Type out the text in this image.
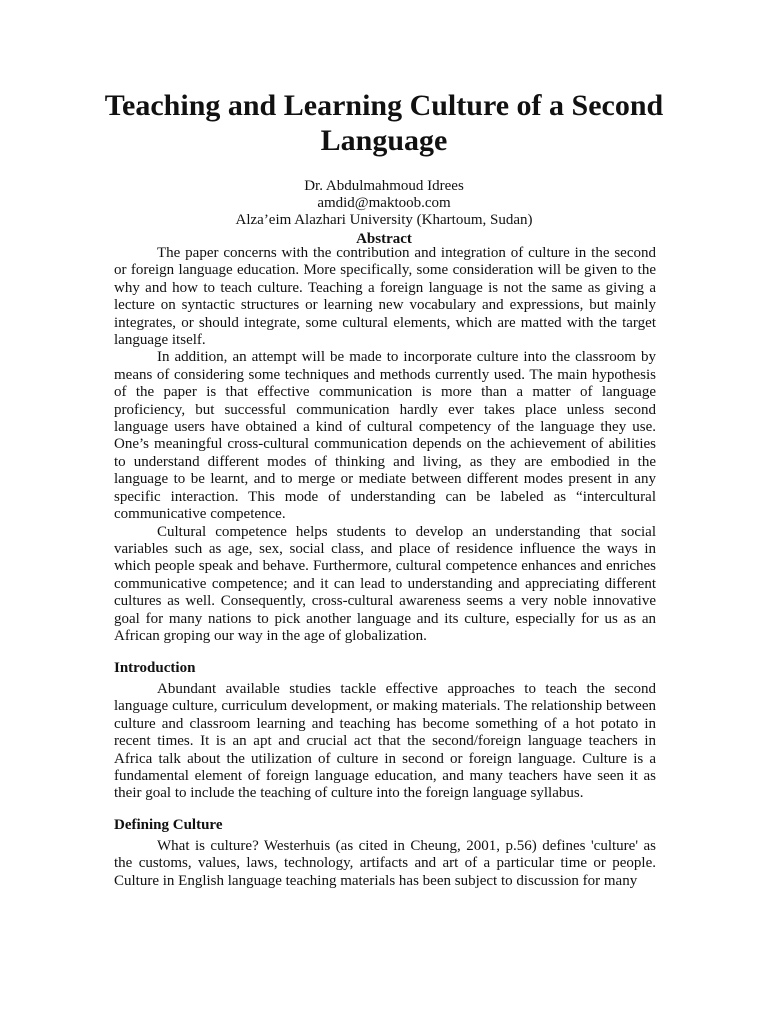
Teaching and Learning Culture of a Second Language
Dr. Abdulmahmoud Idrees
amdid@maktoob.com
Alza’eim Alazhari University (Khartoum, Sudan)
Abstract

The paper concerns with the contribution and integration of culture in the second or foreign language education. More specifically, some consideration will be given to the why and how to teach culture. Teaching a foreign language is not the same as giving a lecture on syntactic structures or learning new vocabulary and expressions, but mainly integrates, or should integrate, some cultural elements, which are matted with the target language itself.

In addition, an attempt will be made to incorporate culture into the classroom by means of considering some techniques and methods currently used. The main hypothesis of the paper is that effective communication is more than a matter of language proficiency, but successful communication hardly ever takes place unless second language users have obtained a kind of cultural competency of the language they use. One’s meaningful cross-cultural communication depends on the achievement of abilities to understand different modes of thinking and living, as they are embodied in the language to be learnt, and to merge or mediate between different modes present in any specific interaction. This mode of understanding can be labeled as “intercultural communicative competence.

Cultural competence helps students to develop an understanding that social variables such as age, sex, social class, and place of residence influence the ways in which people speak and behave. Furthermore, cultural competence enhances and enriches communicative competence; and it can lead to understanding and appreciating different cultures as well. Consequently, cross-cultural awareness seems a very noble innovative goal for many nations to pick another language and its culture, especially for us as an African groping our way in the age of globalization.

Introduction

Abundant available studies tackle effective approaches to teach the second language culture, curriculum development, or making materials. The relationship between culture and classroom learning and teaching has become something of a hot potato in recent times. It is an apt and crucial act that the second/foreign language teachers in Africa talk about the utilization of culture in second or foreign language. Culture is a fundamental element of foreign language education, and many teachers have seen it as their goal to include the teaching of culture into the foreign language syllabus.

Defining Culture

What is culture? Westerhuis (as cited in Cheung, 2001, p.56) defines 'culture' as the customs, values, laws, technology, artifacts and art of a particular time or people. Culture in English language teaching materials has been subject to discussion for many
